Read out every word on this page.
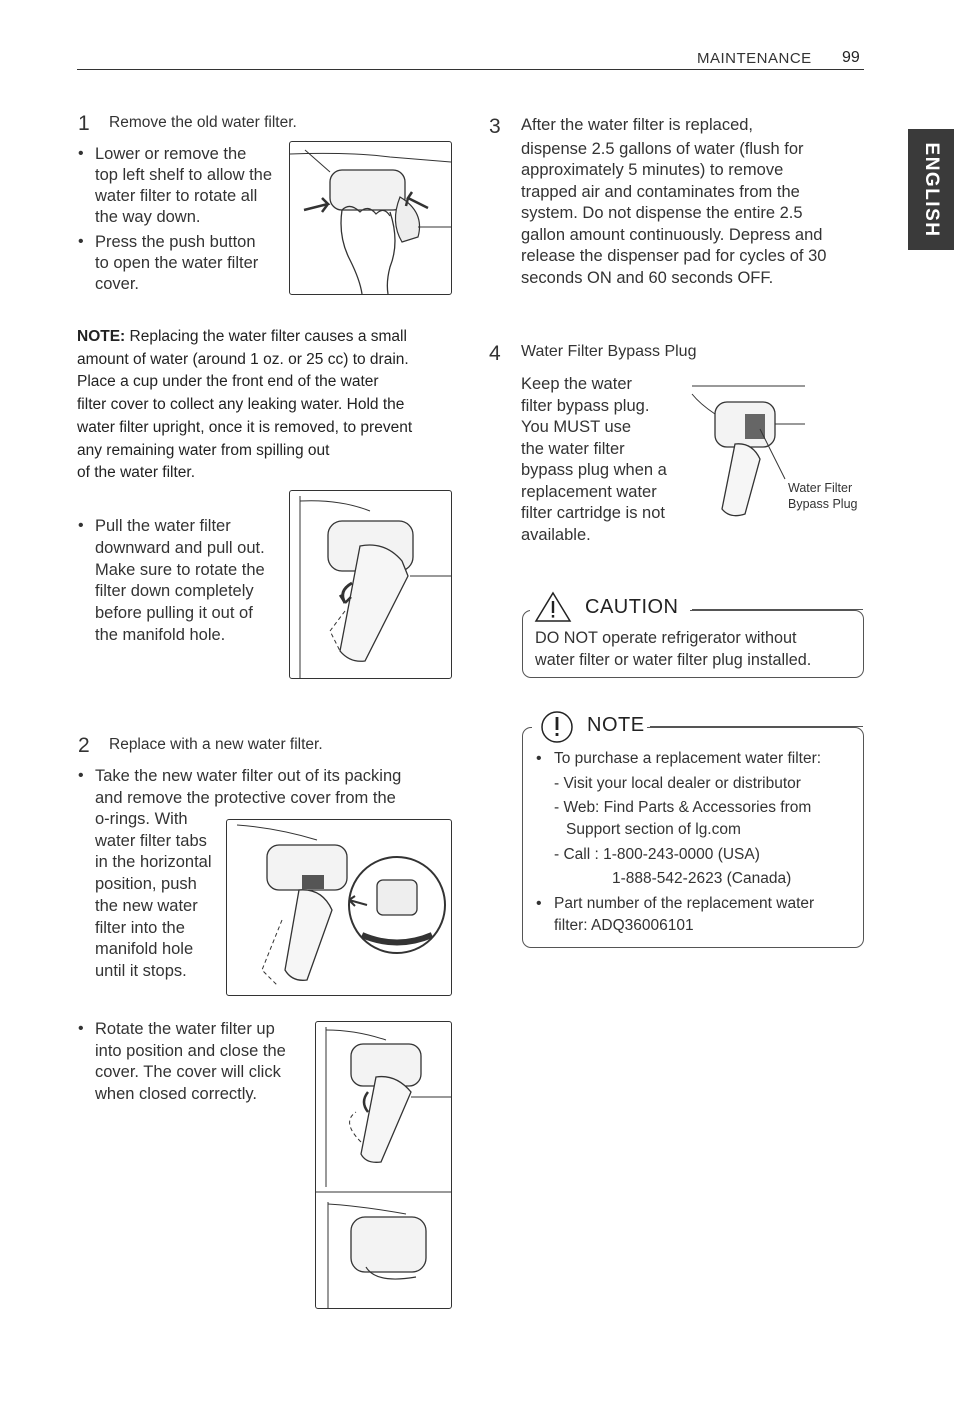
MAINTENANCE 99
ENGLISH
1 Remove the old water filter.
• Lower or remove the
top left shelf to allow the
water filter to rotate all
the way down.
• Press the push button
to open the water filter
cover.
NOTE: Replacing the water filter causes a small
amount of water (around 1 oz. or 25 cc) to drain.
Place a cup under the front end of the water
filter cover to collect any leaking water. Hold the
water filter upright, once it is removed, to prevent
any remaining water from spilling out
of the water filter.
• Pull the water filter
downward and pull out.
Make sure to rotate the
filter down completely
before pulling it out of
the manifold hole.
2 Replace with a new water filter.
• Take the new water filter out of its packing
and remove the protective cover from the
o-rings. With
water filter tabs
in the horizontal
position, push
the new water
filter into the
manifold hole
until it stops.
• Rotate the water filter up
into position and close the
cover. The cover will click
when closed correctly.
3 After the water filter is replaced,
dispense 2.5 gallons of water (flush for
approximately 5 minutes) to remove
trapped air and contaminates from the
system. Do not dispense the entire 2.5
gallon amount continuously. Depress and
release the dispenser pad for cycles of 30
seconds ON and 60 seconds OFF.
4 Water Filter Bypass Plug
Keep the water
filter bypass plug.
You MUST use
the water filter
bypass plug when a
replacement water
filter cartridge is not
available.
Water Filter
Bypass Plug
CAUTION
DO NOT operate refrigerator without
water filter or water filter plug installed.
NOTE
• To purchase a replacement water filter:
- Visit your local dealer or distributor
- Web: Find Parts & Accessories from
Support section of lg.com
- Call : 1-800-243-0000 (USA)
1-888-542-2623 (Canada)
• Part number of the replacement water
filter: ADQ36006101
